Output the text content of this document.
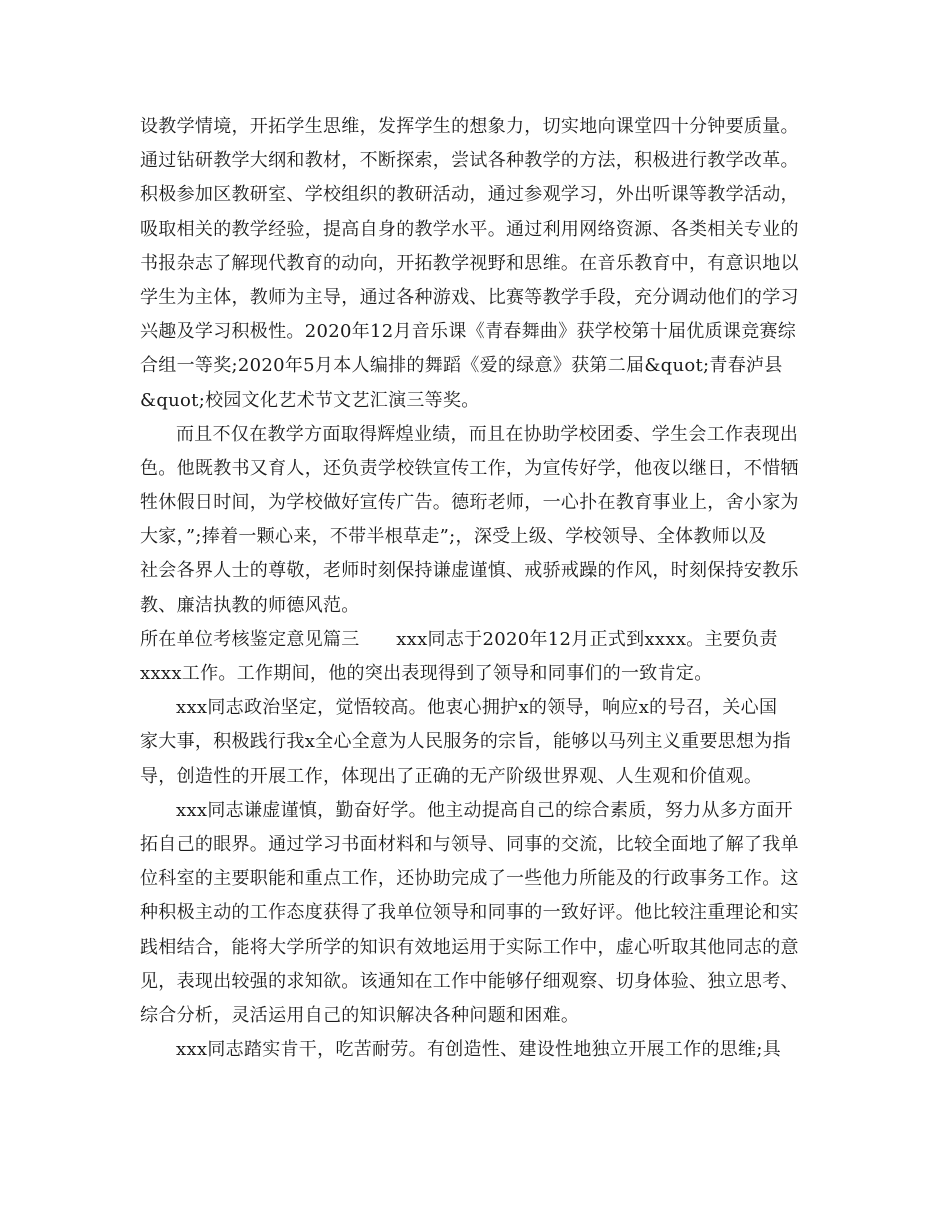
设教学情境，开拓学生思维，发挥学生的想象力，切实地向课堂四十分钟要质量。
通过钻研教学大纲和教材，不断探索，尝试各种教学的方法，积极进行教学改革。
积极参加区教研室、学校组织的教研活动，通过参观学习，外出听课等教学活动，
吸取相关的教学经验，提高自身的教学水平。通过利用网络资源、各类相关专业的
书报杂志了解现代教育的动向，开拓教学视野和思维。在音乐教育中，有意识地以
学生为主体，教师为主导，通过各种游戏、比赛等教学手段，充分调动他们的学习
兴趣及学习积极性。2020年12月音乐课《青春舞曲》获学校第十届优质课竞赛综
合组一等奖;2020年5月本人编排的舞蹈《爱的绿意》获第二届&quot;青春泸县
&quot;校园文化艺术节文艺汇演三等奖。
而且不仅在教学方面取得辉煌业绩，而且在协助学校团委、学生会工作表现出
色。他既教书又育人，还负责学校铁宣传工作，为宣传好学，他夜以继日，不惜牺
牲休假日时间，为学校做好宣传广告。德珩老师，一心扑在教育事业上，舍小家为
大家，”;捧着一颗心来，不带半根草走”;，深受上级、学校领导、全体教师以及
社会各界人士的尊敬，老师时刻保持谦虚谨慎、戒骄戒躁的作风，时刻保持安教乐
教、廉洁执教的师德风范。
所在单位考核鉴定意见篇三　　xxx同志于2020年12月正式到xxxx。主要负责
xxxx工作。工作期间，他的突出表现得到了领导和同事们的一致肯定。
xxx同志政治坚定，觉悟较高。他衷心拥护x的领导，响应x的号召，关心国
家大事，积极践行我x全心全意为人民服务的宗旨，能够以马列主义重要思想为指
导，创造性的开展工作，体现出了正确的无产阶级世界观、人生观和价值观。
xxx同志谦虚谨慎，勤奋好学。他主动提高自己的综合素质，努力从多方面开
拓自己的眼界。通过学习书面材料和与领导、同事的交流，比较全面地了解了我单
位科室的主要职能和重点工作，还协助完成了一些他力所能及的行政事务工作。这
种积极主动的工作态度获得了我单位领导和同事的一致好评。他比较注重理论和实
践相结合，能将大学所学的知识有效地运用于实际工作中，虚心听取其他同志的意
见，表现出较强的求知欲。该通知在工作中能够仔细观察、切身体验、独立思考、
综合分析，灵活运用自己的知识解决各种问题和困难。
xxx同志踏实肯干，吃苦耐劳。有创造性、建设性地独立开展工作的思维;具
